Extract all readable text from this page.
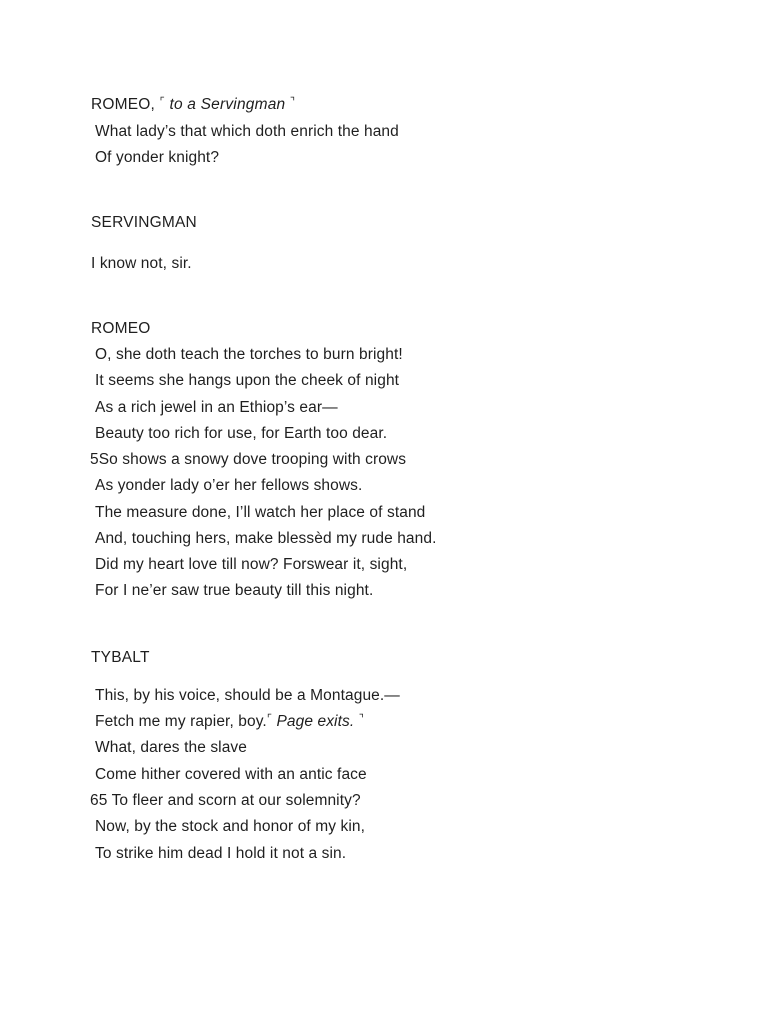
ROMEO, ⌜ to a Servingman ⌝
What lady’s that which doth enrich the hand
Of yonder knight?
SERVINGMAN
I know not, sir.
ROMEO
O, she doth teach the torches to burn bright!
It seems she hangs upon the cheek of night
As a rich jewel in an Ethiop’s ear—
Beauty too rich for use, for Earth too dear.
5So shows a snowy dove trooping with crows
As yonder lady o’er her fellows shows.
The measure done, I’ll watch her place of stand
And, touching hers, make blessèd my rude hand.
Did my heart love till now? Forswear it, sight,
For I ne’er saw true beauty till this night.
TYBALT
This, by his voice, should be a Montague.—
Fetch me my rapier, boy.⌜ Page exits. ⌝
What, dares the slave
Come hither covered with an antic face
65 To fleer and scorn at our solemnity?
Now, by the stock and honor of my kin,
To strike him dead I hold it not a sin.
